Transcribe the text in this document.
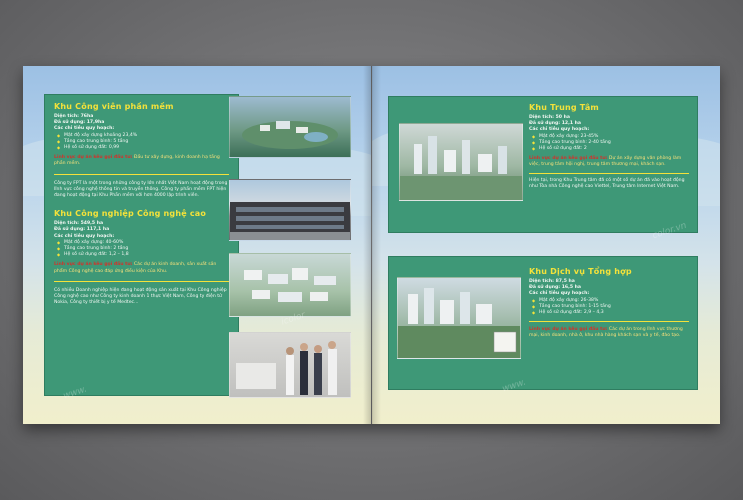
Khu Công viên phần mềm

Diện tích: 76ha

Đã sử dụng: 17,9ha

Các chỉ tiêu quy hoạch:

◆ Mật độ xây dựng khoảng 23,4%

◆ Tầng cao trung bình: 5 tầng

◆ Hệ số sử dụng đất: 0,99

Lĩnh vực dự án kêu gọi đầu tư: Đầu tư xây dựng, kinh doanh hạ tầng phần mềm.

Công ty FPT là một trong những công ty lớn nhất Việt Nam hoạt động trong lĩnh vực công nghệ thông tin và truyền thông. Công ty phần mềm FPT hiện đang hoạt động tại Khu Phần mềm với hơn 4000 lập trình viên.

Khu Công nghiệp Công nghệ cao

Diện tích: 549,5 ha

Đã sử dụng: 117,1 ha

Các chỉ tiêu quy hoạch:

◆ Mật độ xây dựng: 40-60%

◆ Tầng cao trung bình: 2 tầng

◆ Hệ số sử dụng đất: 1,2 – 1,8

Lĩnh vực dự án kêu gọi đầu tư: Các dự án kinh doanh, sản xuất sản phẩm Công nghệ cao đáp ứng điều kiện của Khu.

Có nhiều Doanh nghiệp hiện đang hoạt động sản xuất tại Khu Công nghiệp Công nghệ cao như Công ty kinh doanh 1 thực Việt Nam, Công ty điện tử Nokia, Công ty thiết bị y tế Medtec...

www.
icolor

Khu Trung Tâm

Diện tích: 50 ha

Đã sử dụng: 12,1 ha

Các chỉ tiêu quy hoạch:

◆ Mật độ xây dựng: 23-45%

◆ Tầng cao trung bình: 2-40 tầng

◆ Hệ số sử dụng đất: 2

Lĩnh vực dự án kêu gọi đầu tư: Dự án xây dựng văn phòng làm việc, trung tâm hội nghị, trung tâm thương mại, khách sạn.

Hiện tại, trong Khu Trung tâm đã có một số dự án đã vào hoạt động như Tòa nhà Công nghệ cao Viettel, Trung tâm Internet Việt Nam.

Khu Dịch vụ Tổng hợp

Diện tích: 87,5 ha

Đã sử dụng: 16,5 ha

Các chỉ tiêu quy hoạch:

◆ Mật độ xây dựng: 26-38%

◆ Tầng cao trung bình: 1-15 tầng

◆ Hệ số sử dụng đất: 2,9 – 4,3

Lĩnh vực dự án kêu gọi đầu tư: Các dự án trong lĩnh vực thương mại, kinh doanh, nhà ở, khu nhà hàng khách sạn và y tế, đào tạo.

www.
color.vn
